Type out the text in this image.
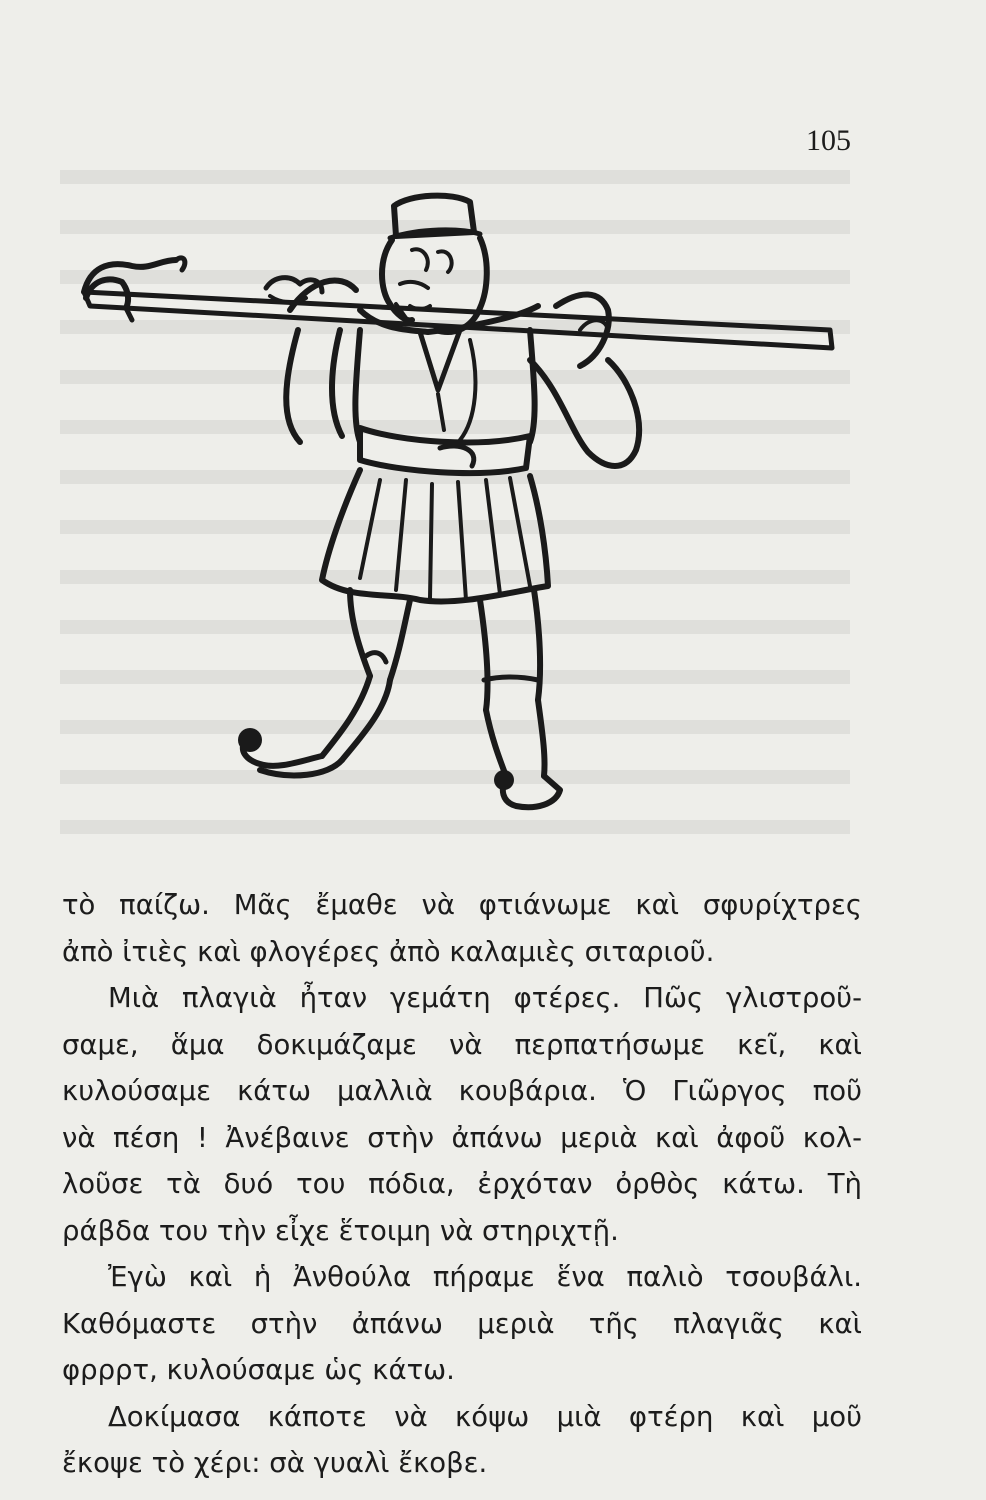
105

τὸ παίζω. Μᾶς ἔμαθε νὰ φτιάνωμε καὶ σφυρίχτρες
ἀπὸ ἰτιὲς καὶ φλογέρες ἀπὸ καλαμιὲς σιταριοῦ.

Μιὰ πλαγιὰ ἦταν γεμάτη φτέρες. Πῶς γλιστροῦ-
σαμε, ἅμα δοκιμάζαμε νὰ περπατήσωμε κεῖ, καὶ
κυλούσαμε κάτω μαλλιὰ κουβάρια. Ὁ Γιῶργος ποῦ
νὰ πέση ! Ἀνέβαινε στὴν ἀπάνω μεριὰ καὶ ἀφοῦ κολ-
λοῦσε τὰ δυό του πόδια, ἐρχόταν ὀρθὸς κάτω. Τὴ
ράβδα του τὴν εἶχε ἕτοιμη νὰ στηριχτῇ.

Ἐγὼ καὶ ἡ Ἀνθούλα πήραμε ἕνα παλιὸ τσουβάλι.
Καθόμαστε στὴν ἀπάνω μεριὰ τῆς πλαγιᾶς καὶ
φρρρτ, κυλούσαμε ὡς κάτω.

Δοκίμασα κάποτε νὰ κόψω μιὰ φτέρη καὶ μοῦ
ἔκοψε τὸ χέρι: σὰ γυαλὶ ἔκοβε.
